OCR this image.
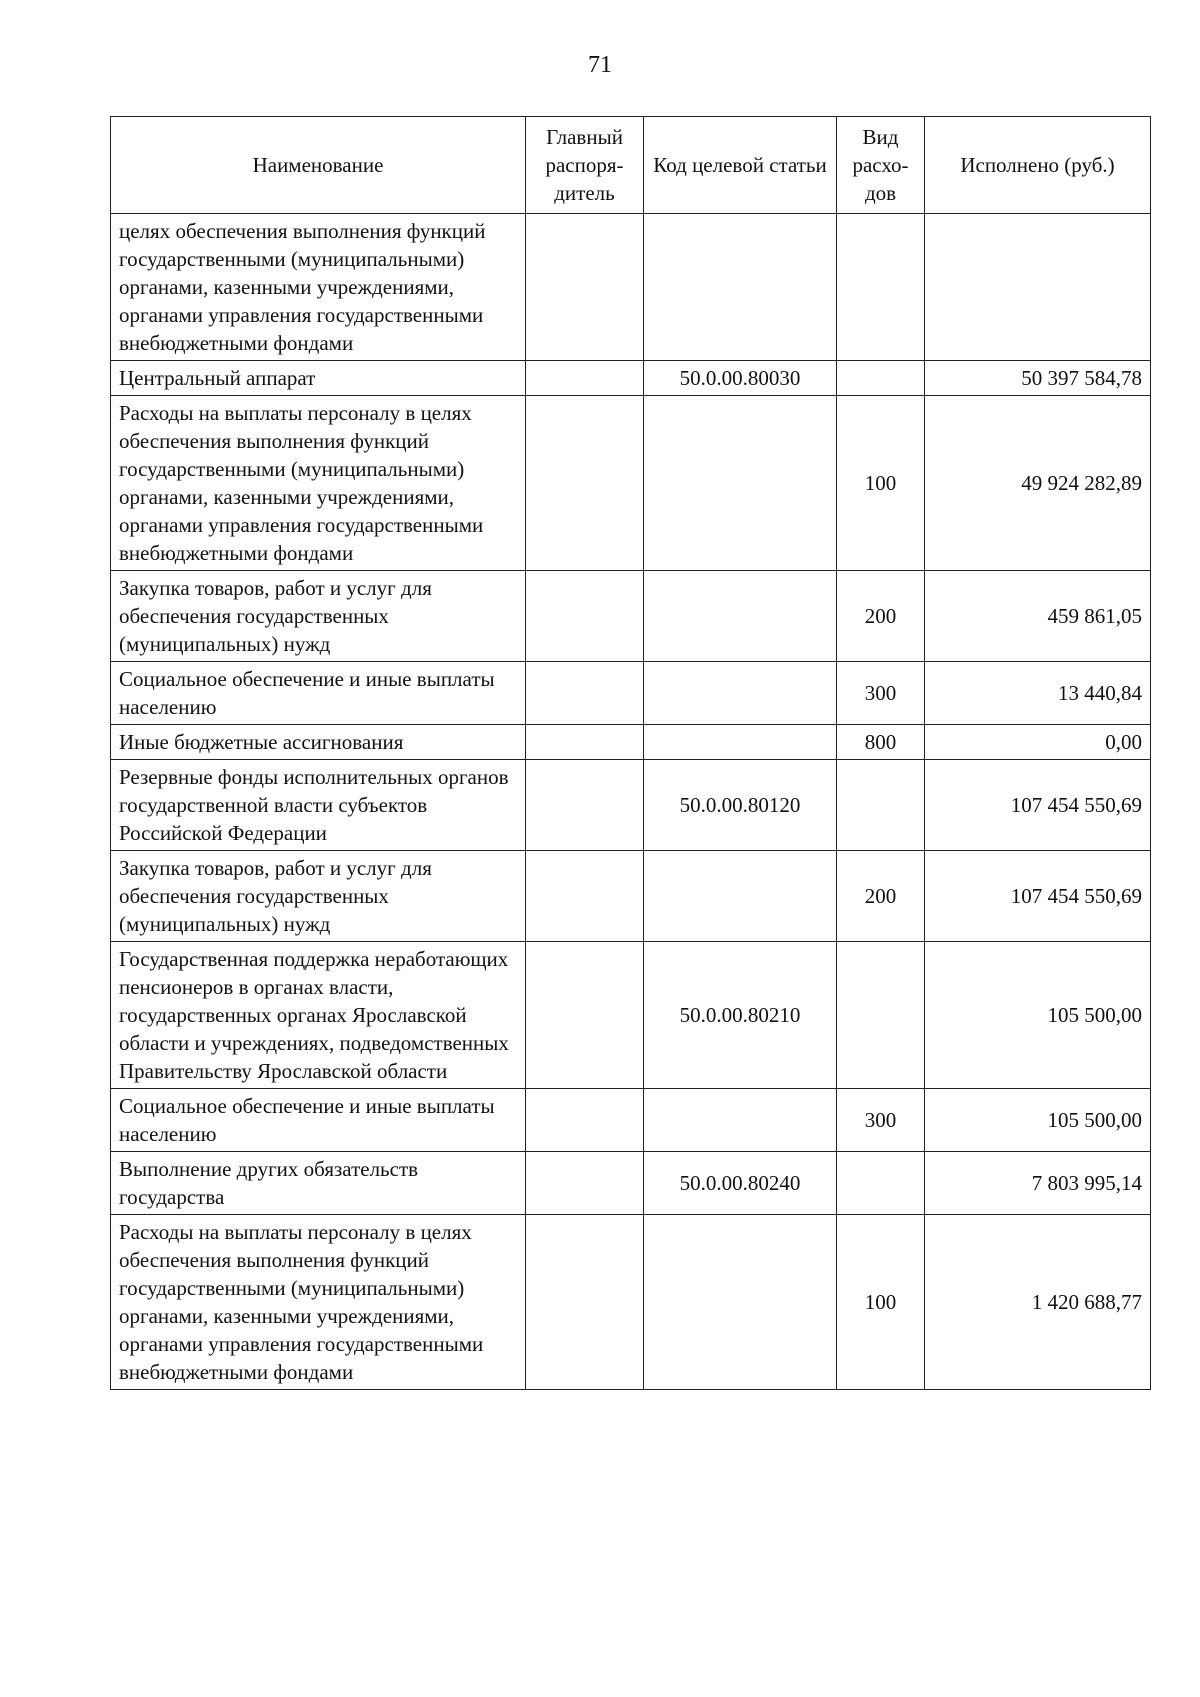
71
Наименование	Главный распоря-дитель	Код целевой статьи	Вид расхо-дов	Исполнено (руб.)
целях обеспечения выполнения функций государственными (муниципальными) органами, казенными учреждениями, органами управления государственными внебюджетными фондами				
Центральный аппарат		50.0.00.80030		50 397 584,78
Расходы на выплаты персоналу в целях обеспечения выполнения функций государственными (муниципальными) органами, казенными учреждениями, органами управления государственными внебюджетными фондами			100	49 924 282,89
Закупка товаров, работ и услуг для обеспечения государственных (муниципальных) нужд			200	459 861,05
Социальное обеспечение и иные выплаты населению			300	13 440,84
Иные бюджетные ассигнования			800	0,00
Резервные фонды исполнительных органов государственной власти субъектов Российской Федерации		50.0.00.80120		107 454 550,69
Закупка товаров, работ и услуг для обеспечения государственных (муниципальных) нужд			200	107 454 550,69
Государственная поддержка неработающих пенсионеров в органах власти, государственных органах Ярославской области и учреждениях, подведомственных Правительству Ярославской области		50.0.00.80210		105 500,00
Социальное обеспечение и иные выплаты населению			300	105 500,00
Выполнение других обязательств государства		50.0.00.80240		7 803 995,14
Расходы на выплаты персоналу в целях обеспечения выполнения функций государственными (муниципальными) органами, казенными учреждениями, органами управления государственными внебюджетными фондами			100	1 420 688,77
